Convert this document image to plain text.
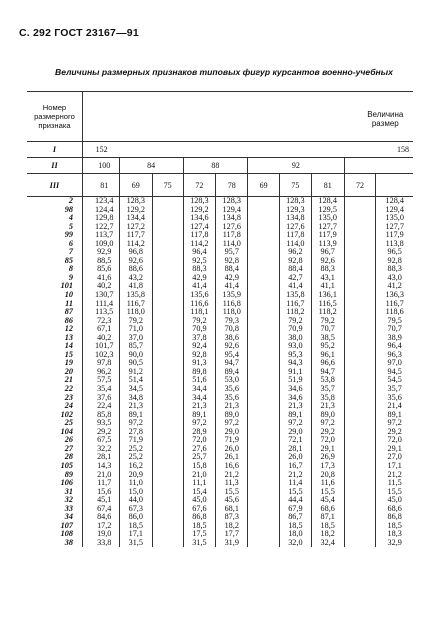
С. 292 ГОСТ 23167—91
Величины размерных признаков типовых фигур курсантов военно-учебных
Номер размерного признака		Величина размер									

I		152							158		
II		100	84		88		92				
III		81	69	75	72	78	69	75	81	72	
2		123,4	128,3		128,3	128,3		128,3	128,4		128,4
98		124,4	129,2		129,2	129,4		129,3	129,5		129,4
4		129,8	134,4		134,6	134,8		134,8	135,0		135,0
5		122,7	127,2		127,4	127,6		127,6	127,7		127,7
99		113,7	117,7		117,8	117,8		117,8	117,9		117,9
6		109,0	114,2		114,2	114,0		114,0	113,9		113,8
7		92,9	96,8		96,4	95,7		96,2	96,7		96,5
85		88,5	92,6		92,5	92,8		92,8	92,6		92,8
8		85,6	88,6		88,3	88,4		88,4	88,3		88,3
9		41,6	43,2		42,9	42,9		42,7	43,1		43,0
101		40,2	41,8		41,4	41,4		41,4	41,1		41,2
10		130,7	135,8		135,6	135,9		135,8	136,1		136,3
11		111,4	116,7		116,6	116,8		116,7	116,5		116,7
87		113,5	118,0		118,1	118,0		118,2	118,2		118,6
86		72,3	79,2		79,2	79,3		79,2	79,2		79,5
12		67,1	71,0		70,9	70,8		70,9	70,7		70,7
13		40,2	37,0		37,8	38,6		38,0	38,5		38,9
14		101,7	85,7		92,4	92,6		93,0	95,2		96,4
15		102,3	90,0		92,8	95,4		95,3	96,1		96,3
19		97,8	90,5		91,3	94,7		94,3	96,6		97,0
20		96,2	91,2		89,8	89,4		91,1	94,7		94,5
21		57,5	51,4		51,6	53,0		51,9	53,8		54,5
22		35,4	34,5		34,4	35,6		34,6	35,7		35,7
23		37,6	34,8		34,4	35,6		34,6	35,8		35,6
24		22,4	21,3		21,3	21,3		21,3	21,3		21,4
102		85,8	89,1		89,1	89,0		89,1	89,0		89,1
25		93,5	97,2		97,2	97,2		97,2	97,2		97,2
104		29,2	27,8		28,9	29,0		29,0	29,2		29,2
26		67,5	71,9		72,0	71,9		72,1	72,0		72,0
27		32,2	25,2		27,6	26,0		28,1	29,1		29,1
28		28,1	25,2		25,7	26,1		26,0	26,9		27,0
105		14,3	16,2		15,8	16,6		16,7	17,3		17,1
89		21,0	20,9		21,0	21,2		21,2	20,8		21,2
106		11,7	11,0		11,1	11,3		11,4	11,6		11,5
31		15,6	15,0		15,4	15,5		15,5	15,5		15,5
32		45,1	44,0		45,0	45,6		44,4	45,4		45,0
33		67,4	67,3		67,6	68,1		67,9	68,6		68,6
34		84,6	86,0		86,8	87,3		86,7	87,1		86,8
107		17,2	18,5		18,5	18,2		18,5	18,5		18,5
108		19,0	17,1		17,5	17,7		18,0	18,2		18,3
38		33,8	31,5		31,5	31,9		32,0	32,4		32,9
